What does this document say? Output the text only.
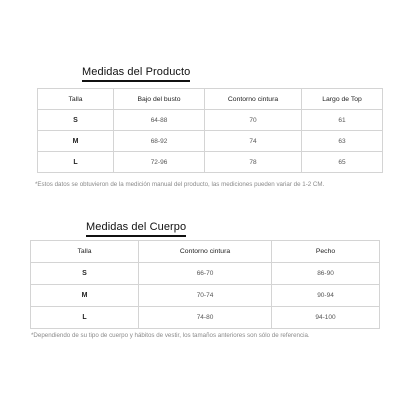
Medidas del Producto
Talla	Bajo del busto	Contorno cintura	Largo de Top
S	64-88	70	61
M	68-92	74	63
L	72-96	78	65
*Estos datos se obtuvieron de la medición manual del producto, las mediciones pueden variar de 1-2 CM.
Medidas del Cuerpo
Talla	Contorno cintura	Pecho
S	66-70	86-90
M	70-74	90-94
L	74-80	94-100
*Dependiendo de su tipo de cuerpo y hábitos de vestir, los tamaños anteriores son sólo de referencia.
